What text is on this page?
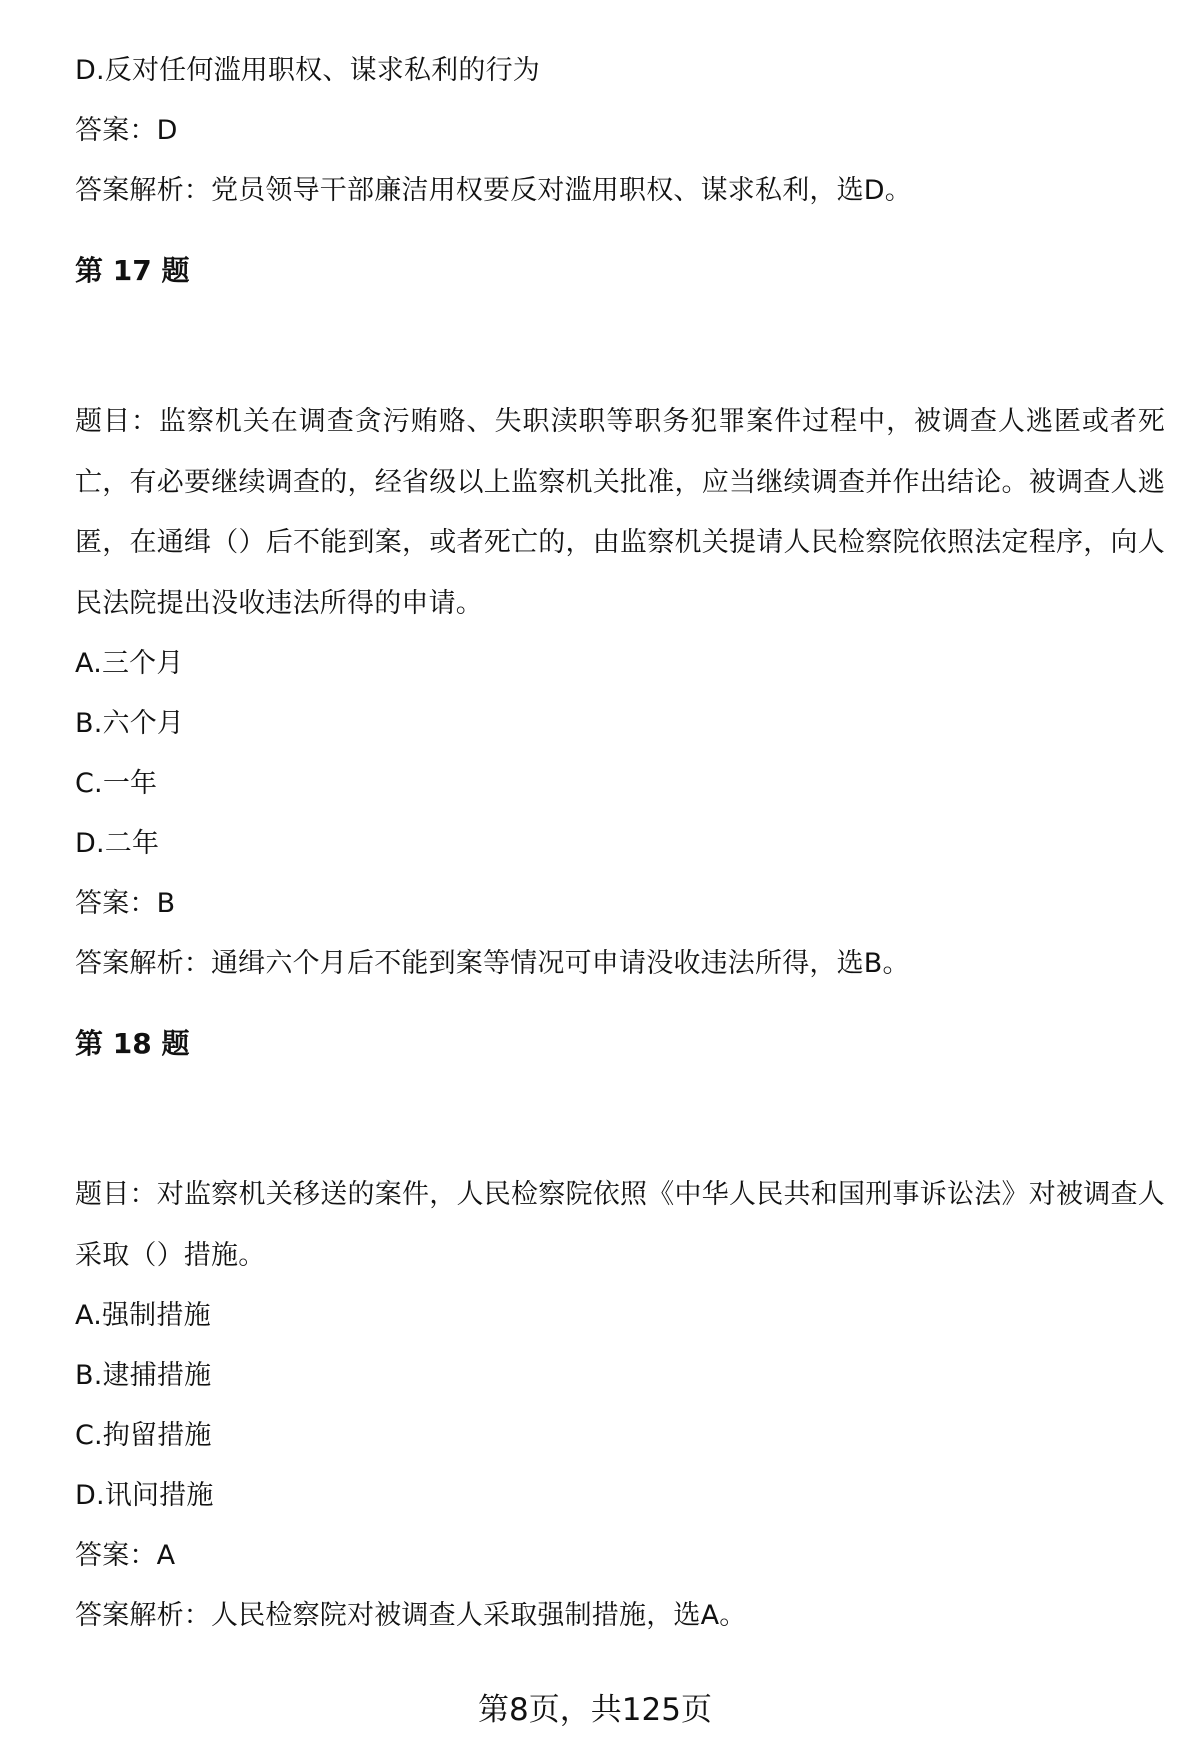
D.反对任何滥用职权、谋求私利的行为
答案：D
答案解析：党员领导干部廉洁用权要反对滥用职权、谋求私利，选D。
第 17 题
题目：监察机关在调查贪污贿赂、失职渎职等职务犯罪案件过程中，被调查人逃匿或者死亡，有必要继续调查的，经省级以上监察机关批准，应当继续调查并作出结论。被调查人逃匿，在通缉（）后不能到案，或者死亡的，由监察机关提请人民检察院依照法定程序，向人民法院提出没收违法所得的申请。
A.三个月
B.六个月
C.一年
D.二年
答案：B
答案解析：通缉六个月后不能到案等情况可申请没收违法所得，选B。
第 18 题
题目：对监察机关移送的案件，人民检察院依照《中华人民共和国刑事诉讼法》对被调查人采取（）措施。
A.强制措施
B.逮捕措施
C.拘留措施
D.讯问措施
答案：A
答案解析：人民检察院对被调查人采取强制措施，选A。
第8页，共125页
